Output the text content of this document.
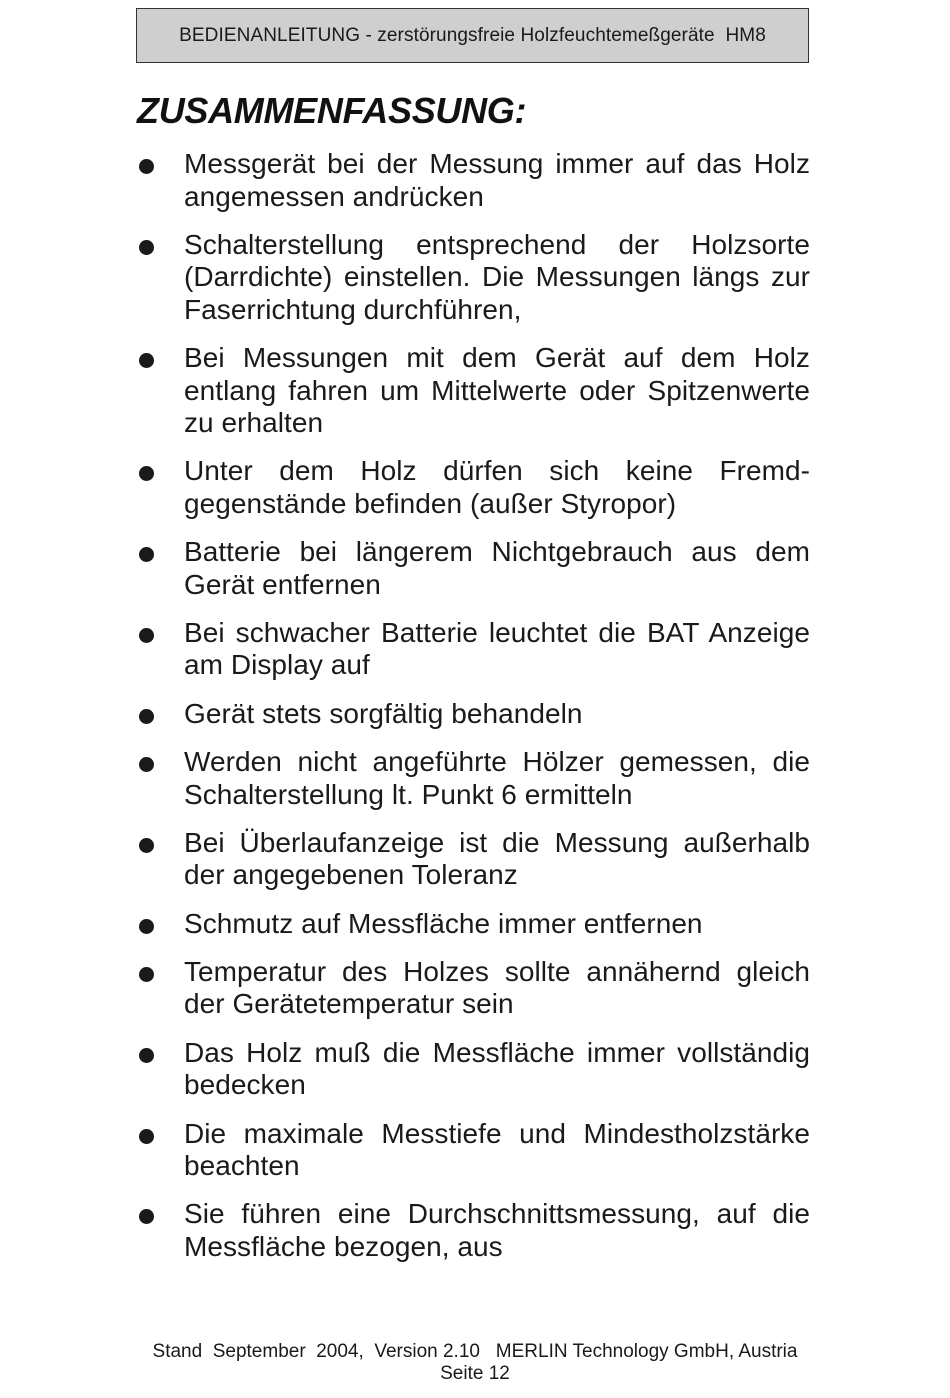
BEDIENANLEITUNG - zerstörungsfreie Holzfeuchtemeßgeräte  HM8
ZUSAMMENFASSUNG:
Messgerät bei der Messung immer auf das Holz angemessen andrücken
Schalterstellung entsprechend der Holzsorte (Darrdichte) einstellen. Die Messungen längs zur Faserrichtung durchführen,
Bei Messungen mit dem Gerät auf dem Holz entlang fahren um Mittelwerte oder Spitzenwerte zu erhalten
Unter dem Holz dürfen sich keine Fremd-gegenstände befinden (außer Styropor)
Batterie bei längerem Nichtgebrauch aus dem Gerät entfernen
Bei schwacher Batterie leuchtet die BAT Anzeige am Display auf
Gerät stets sorgfältig behandeln
Werden nicht angeführte Hölzer gemessen, die Schalterstellung lt. Punkt 6 ermitteln
Bei Überlaufanzeige ist die Messung außerhalb der angegebenen Toleranz
Schmutz auf Messfläche immer entfernen
Temperatur des Holzes sollte annähernd gleich der Gerätetemperatur sein
Das Holz muß die Messfläche immer vollständig bedecken
Die maximale Messtiefe und Mindestholzstärke beachten
Sie führen eine Durchschnittsmessung, auf die Messfläche bezogen, aus
Stand  September  2004,  Version 2.10   MERLIN Technology GmbH, Austria
Seite 12
